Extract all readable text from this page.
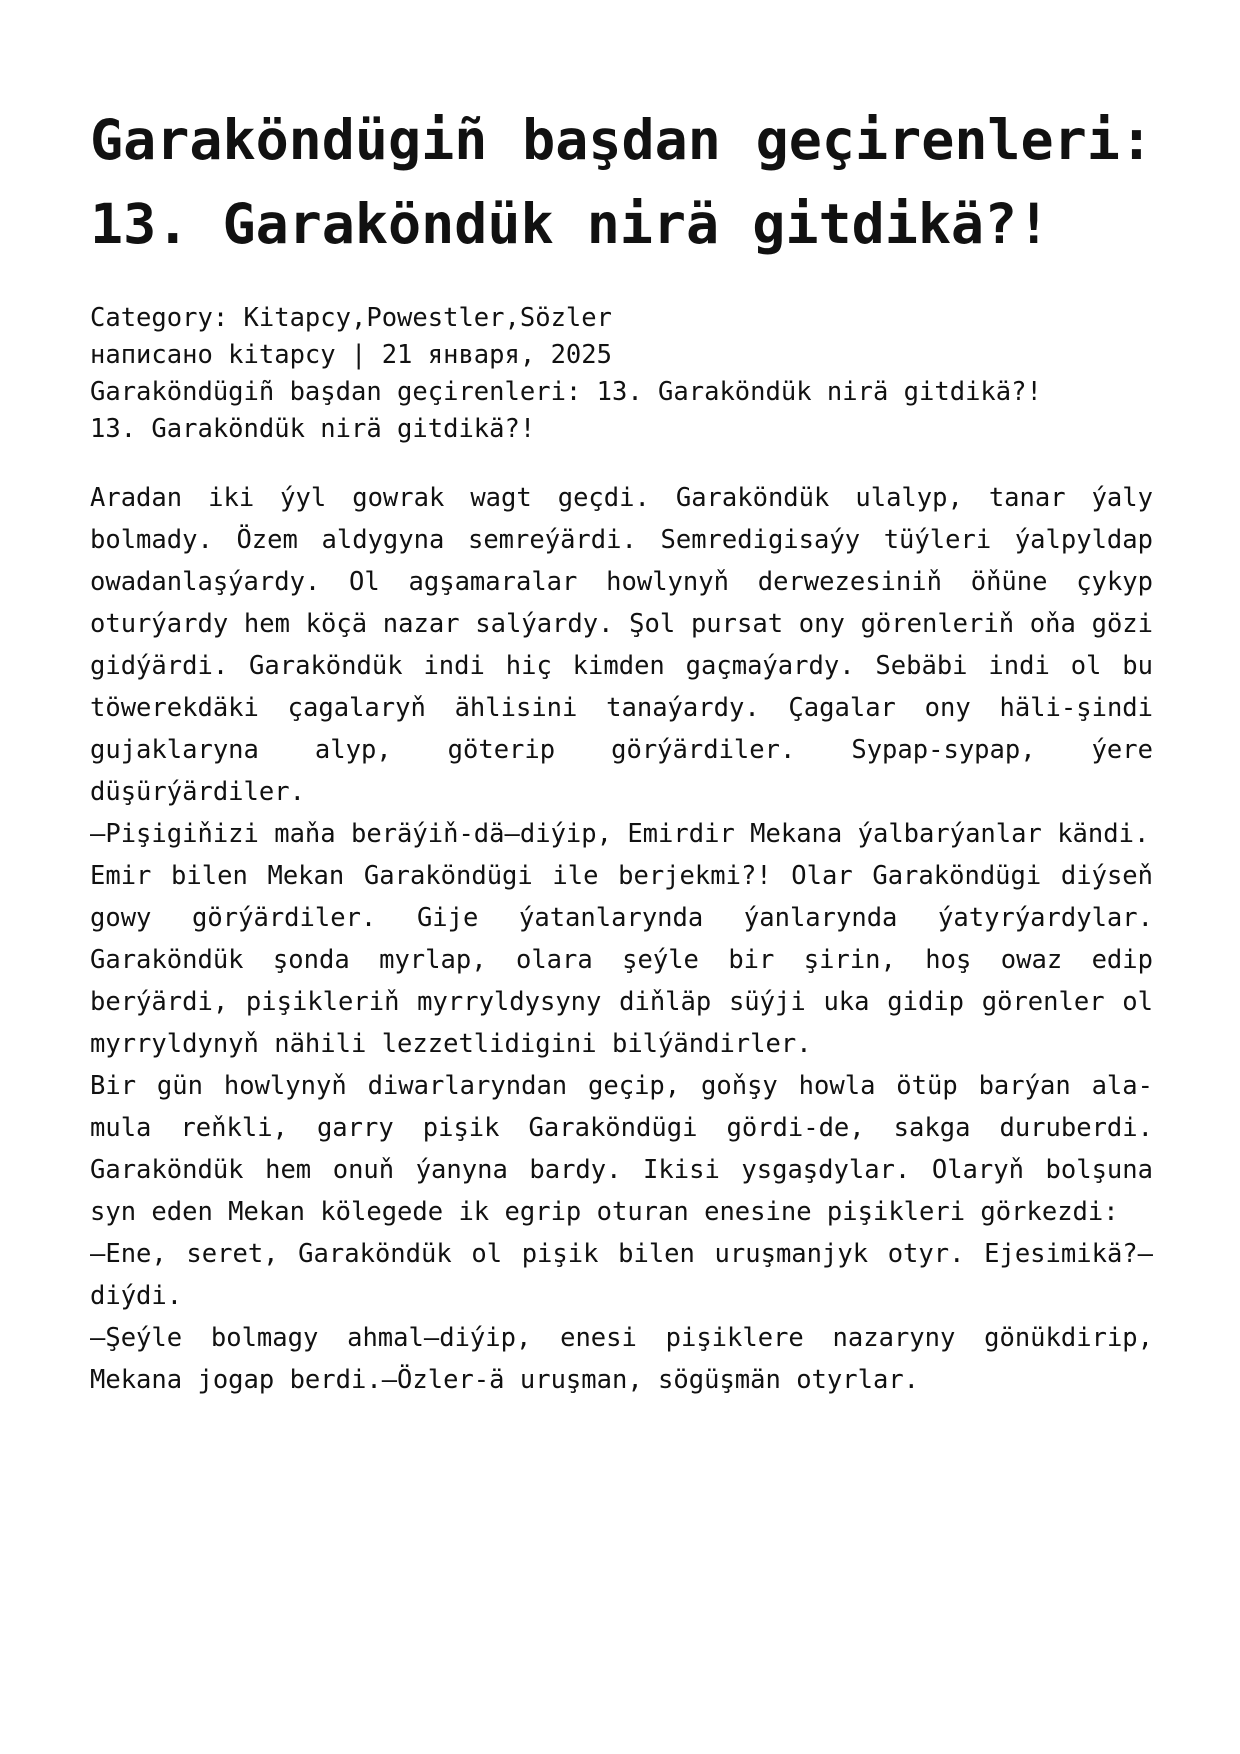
Garaköndügiñ başdan geçirenleri: 13. Garaköndük nirä gitdikä?!
Category: Kitapcy,Powestler,Sözler
написано kitapcy | 21 января, 2025
Garaköndügiñ başdan geçirenleri: 13. Garaköndük nirä gitdikä?!
13. Garaköndük nirä gitdikä?!

Aradan iki ýyl gowrak wagt geçdi. Garaköndük ulalyp, tanar ýaly bolmady. Özem aldygyna semreýärdi. Semredigisaýy tüýleri ýalpyldap owadanlaşýardy. Ol agşamaralar howlynyň derwezesiniň öňüne çykyp oturýardy hem köçä nazar salýardy. Şol pursat ony görenleriň oňa gözi gidýärdi. Garaköndük indi hiç kimden gaçmaýardy. Sebäbi indi ol bu töwerekdäki çagalaryň ählisini tanaýardy. Çagalar ony häli-şindi gujaklaryna alyp, göterip görýärdiler. Sypap-sypap, ýere düşürýärdiler.

—Pişigiňizi maňa beräýiň-dä—diýip, Emirdir Mekana ýalbarýanlar kändi.

Emir bilen Mekan Garaköndügi ile berjekmi?! Olar Garaköndügi diýseň gowy görýärdiler. Gije ýatanlarynda ýanlarynda ýatyrýardylar. Garaköndük şonda myrlap, olara şeýle bir şirin, hoş owaz edip berýärdi, pişikleriň myrryldysyny diňläp süýji uka gidip görenler ol myrryldynyň nähili lezzetlidigini bilýändirler.

Bir gün howlynyň diwarlaryndan geçip, goňşy howla ötüp barýan ala-mula reňkli, garry pişik Garaköndügi gördi-de, sakga duruberdi. Garaköndük hem onuň ýanyna bardy. Ikisi ysgaşdylar. Olaryň bolşuna syn eden Mekan kölegede ik egrip oturan enesine pişikleri görkezdi:

—Ene, seret, Garaköndük ol pişik bilen uruşmanjyk otyr. Ejesimikä?—diýdi.

—Şeýle bolmagy ahmal—diýip, enesi pişiklere nazaryny gönükdirip, Mekana jogap berdi.—Özler-ä uruşman, sögüşmän otyrlar.
